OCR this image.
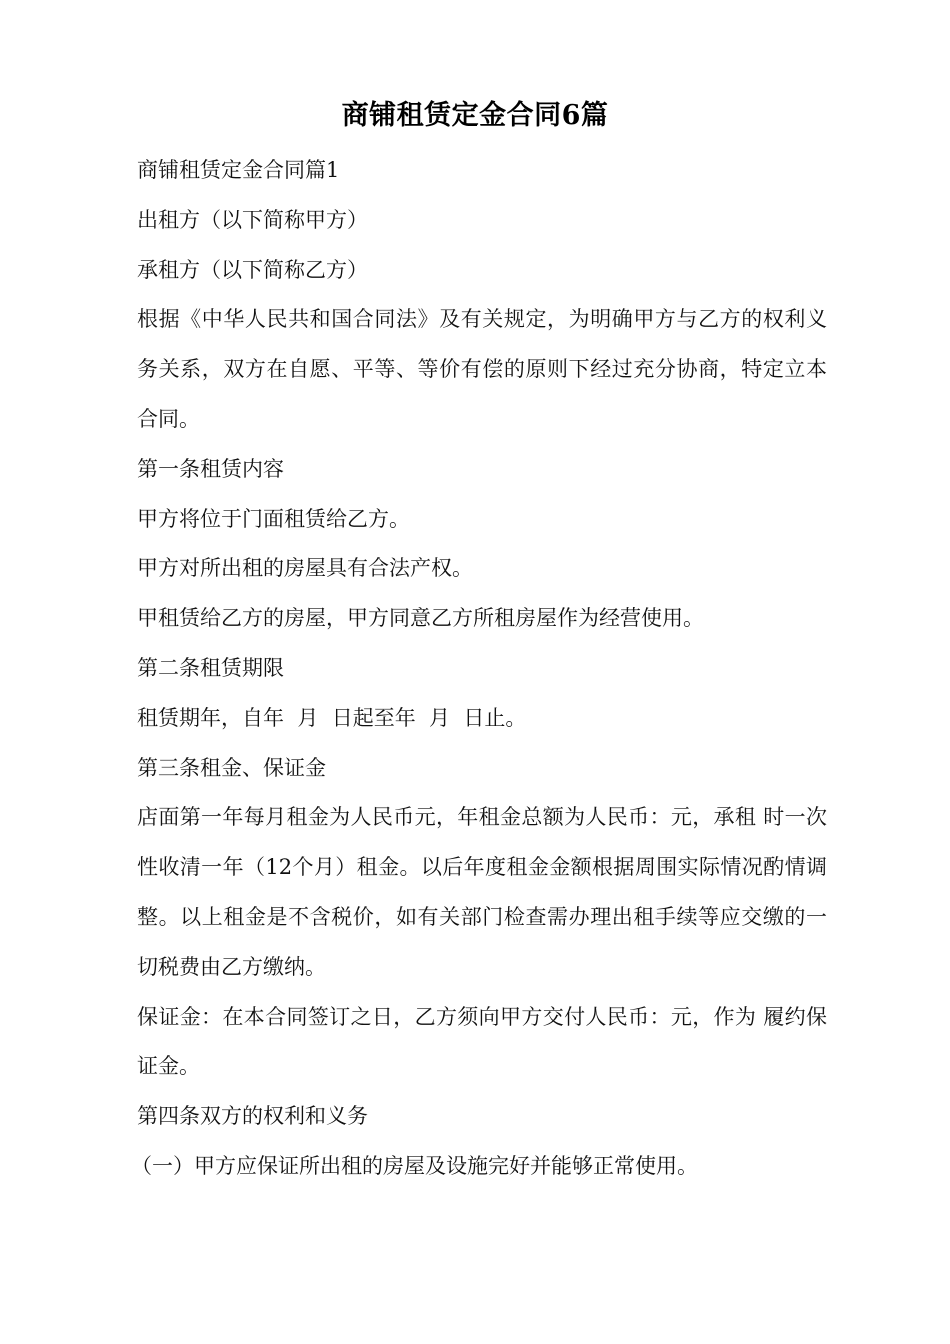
商铺租赁定金合同6篇

商铺租赁定金合同篇1

出租方（以下简称甲方）

承租方（以下简称乙方）

根据《中华人民共和国合同法》及有关规定，为明确甲方与乙方的权利义务关系，双方在自愿、平等、等价有偿的原则下经过充分协商，特定立本合同。

第一条租赁内容

甲方将位于门面租赁给乙方。

甲方对所出租的房屋具有合法产权。

甲租赁给乙方的房屋，甲方同意乙方所租房屋作为经营使用。

第二条租赁期限

租赁期年，自年  月  日起至年  月  日止。

第三条租金、保证金

店面第一年每月租金为人民币元，年租金总额为人民币：元，承租 时一次性收清一年（12个月）租金。以后年度租金金额根据周围实际情况酌情调整。以上租金是不含税价，如有关部门检查需办理出租手续等应交缴的一切税费由乙方缴纳。

保证金：在本合同签订之日，乙方须向甲方交付人民币：元，作为 履约保证金。

第四条双方的权利和义务

（一）甲方应保证所出租的房屋及设施完好并能够正常使用。
